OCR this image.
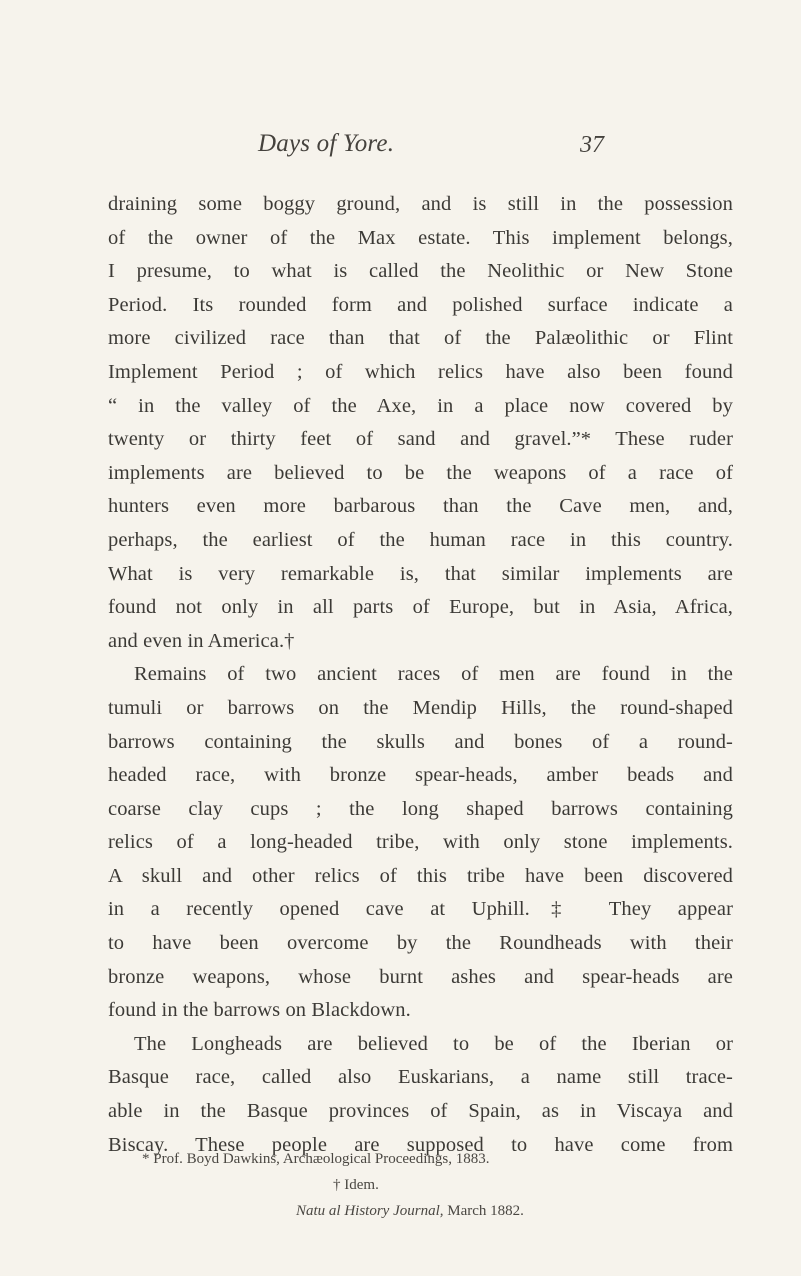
Days of Yore.	37
draining some boggy ground, and is still in the possession
of the owner of the Max estate. This implement belongs,
I presume, to what is called the Neolithic or New Stone
Period. Its rounded form and polished surface indicate a
more civilized race than that of the Palæolithic or Flint
Implement Period ; of which relics have also been found
“ in the valley of the Axe, in a place now covered by
twenty or thirty feet of sand and gravel.”* These ruder
implements are believed to be the weapons of a race of
hunters even more barbarous than the Cave men, and,
perhaps, the earliest of the human race in this country.
What is very remarkable is, that similar implements are
found not only in all parts of Europe, but in Asia, Africa,
and even in America.†
Remains of two ancient races of men are found in the
tumuli or barrows on the Mendip Hills, the round-shaped
barrows containing the skulls and bones of a round-
headed race, with bronze spear-heads, amber beads and
coarse clay cups ; the long shaped barrows containing
relics of a long-headed tribe, with only stone implements.
A skull and other relics of this tribe have been discovered
in a recently opened cave at Uphill.‡ They appear
to have been overcome by the Roundheads with their
bronze weapons, whose burnt ashes and spear-heads are
found in the barrows on Blackdown.
The Longheads are believed to be of the Iberian or
Basque race, called also Euskarians, a name still trace-
able in the Basque provinces of Spain, as in Viscaya and
Biscay. These people are supposed to have come from
* Prof. Boyd Dawkins, Archæological Proceedings, 1883.
† Idem.
Natu al History Journal, March 1882.
